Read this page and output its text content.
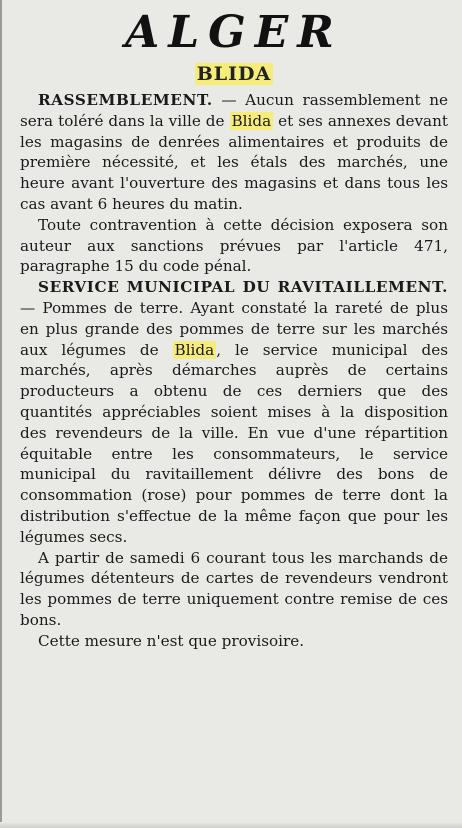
ALGER
BLIDA

RASSEMBLEMENT. — Aucun rassemblement ne sera toléré dans la ville de Blida et ses annexes devant les magasins de denrées alimentaires et produits de première nécessité, et les étals des marchés, une heure avant l'ouverture des magasins et dans tous les cas avant 6 heures du matin.

Toute contravention à cette décision exposera son auteur aux sanctions prévues par l'article 471, paragraphe 15 du code pénal.

SERVICE MUNICIPAL DU RAVITAILLEMENT. — Pommes de terre. Ayant constaté la rareté de plus en plus grande des pommes de terre sur les marchés aux légumes de Blida , le service municipal des marchés, après démarches auprès de certains producteurs a obtenu de ces derniers que des quantités appréciables soient mises à la disposition des revendeurs de la ville. En vue d'une répartition équitable entre les consommateurs, le service municipal du ravitaillement délivre des bons de consommation (rose) pour pommes de terre dont la distribution s'effectue de la même façon que pour les légumes secs.

A partir de samedi 6 courant tous les marchands de légumes détenteurs de cartes de revendeurs vendront les pommes de terre uniquement contre remise de ces bons.

Cette mesure n'est que provisoire.
